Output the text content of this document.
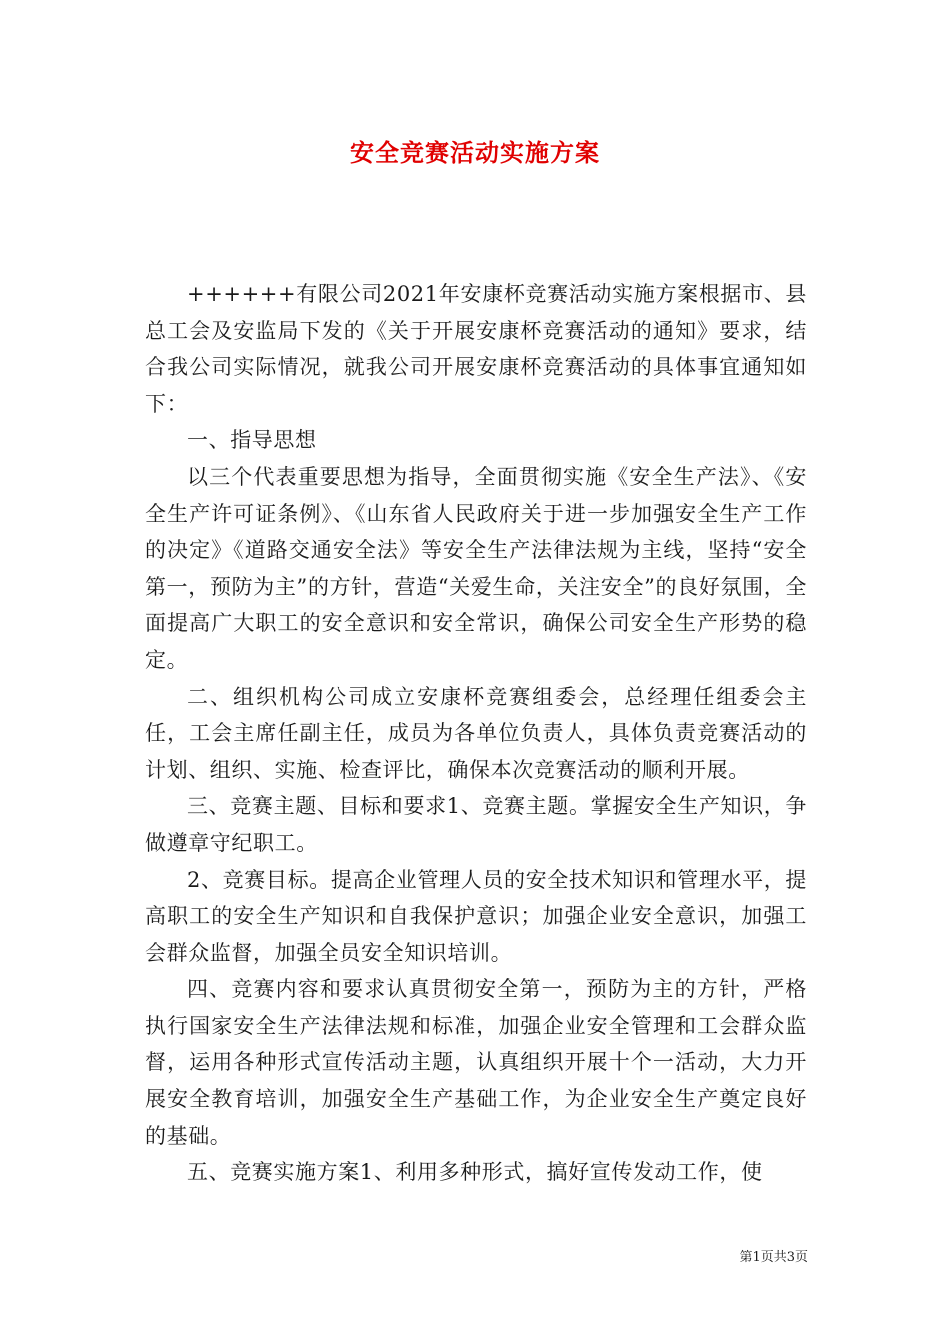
安全竞赛活动实施方案

++++++有限公司2021年安康杯竞赛活动实施方案根据市、县总工会及安监局下发的《关于开展安康杯竞赛活动的通知》要求，结合我公司实际情况，就我公司开展安康杯竞赛活动的具体事宜通知如下：

一、指导思想

以三个代表重要思想为指导，全面贯彻实施《安全生产法》、《安全生产许可证条例》、《山东省人民政府关于进一步加强安全生产工作的决定》《道路交通安全法》等安全生产法律法规为主线，坚持“安全第一，预防为主”的方针，营造“关爱生命，关注安全”的良好氛围，全面提高广大职工的安全意识和安全常识，确保公司安全生产形势的稳定。

二、组织机构公司成立安康杯竞赛组委会，总经理任组委会主任，工会主席任副主任，成员为各单位负责人，具体负责竞赛活动的计划、组织、实施、检查评比，确保本次竞赛活动的顺利开展。

三、竞赛主题、目标和要求1、竞赛主题。掌握安全生产知识，争做遵章守纪职工。

2、竞赛目标。提高企业管理人员的安全技术知识和管理水平，提高职工的安全生产知识和自我保护意识；加强企业安全意识，加强工会群众监督，加强全员安全知识培训。

四、竞赛内容和要求认真贯彻安全第一，预防为主的方针，严格执行国家安全生产法律法规和标准，加强企业安全管理和工会群众监督，运用各种形式宣传活动主题，认真组织开展十个一活动，大力开展安全教育培训，加强安全生产基础工作，为企业安全生产奠定良好的基础。

五、竞赛实施方案1、利用多种形式，搞好宣传发动工作，使

第1页共3页
